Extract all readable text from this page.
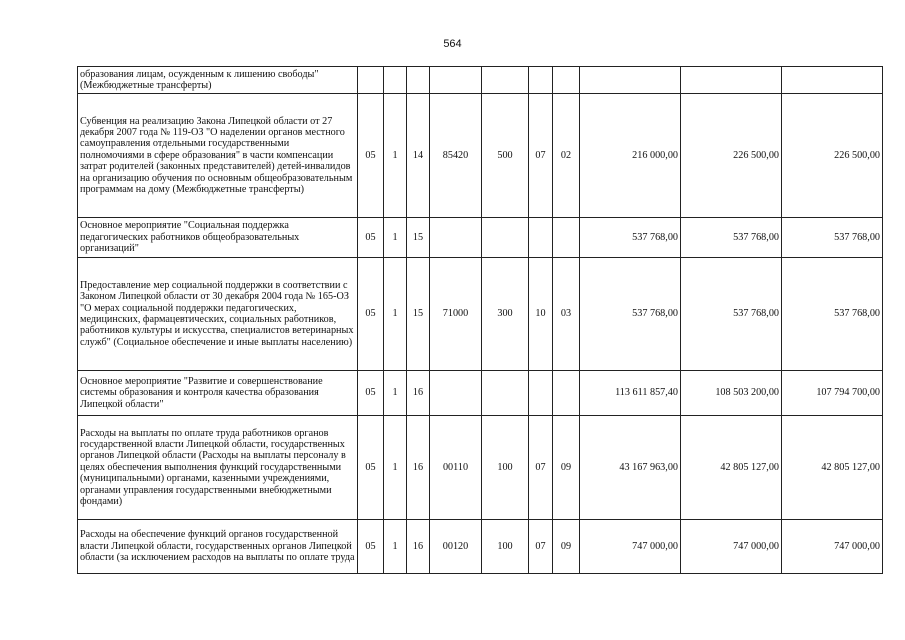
564
образования лицам, осужденным к лишению свободы" (Межбюджетные трансферты)										
Субвенция на реализацию Закона Липецкой области от 27 декабря 2007 года № 119-ОЗ "О наделении органов местного самоуправления отдельными государственными полномочиями в сфере образования" в части компенсации затрат родителей (законных представителей) детей-инвалидов на организацию обучения по основным общеобразовательным программам на дому (Межбюджетные трансферты)	05	1	14	85420	500	07	02	216 000,00	226 500,00	226 500,00
Основное мероприятие "Социальная поддержка педагогических работников общеобразовательных организаций"	05	1	15					537 768,00	537 768,00	537 768,00
Предоставление мер социальной поддержки в соответствии с Законом Липецкой области от 30 декабря 2004 года № 165-ОЗ "О мерах социальной поддержки педагогических, медицинских, фармацевтических, социальных работников, работников культуры и искусства, специалистов ветеринарных служб" (Социальное обеспечение и иные выплаты населению)	05	1	15	71000	300	10	03	537 768,00	537 768,00	537 768,00
Основное мероприятие "Развитие и совершенствование системы образования и контроля качества образования Липецкой области"	05	1	16					113 611 857,40	108 503 200,00	107 794 700,00
Расходы на выплаты по оплате труда работников органов государственной власти Липецкой области, государственных органов Липецкой области (Расходы на выплаты персоналу в целях обеспечения выполнения функций государственными (муниципальными) органами, казенными учреждениями, органами управления государственными внебюджетными фондами)	05	1	16	00110	100	07	09	43 167 963,00	42 805 127,00	42 805 127,00
Расходы на обеспечение функций органов государственной власти Липецкой области, государственных органов Липецкой области (за исключением расходов на выплаты по оплате труда	05	1	16	00120	100	07	09	747 000,00	747 000,00	747 000,00
